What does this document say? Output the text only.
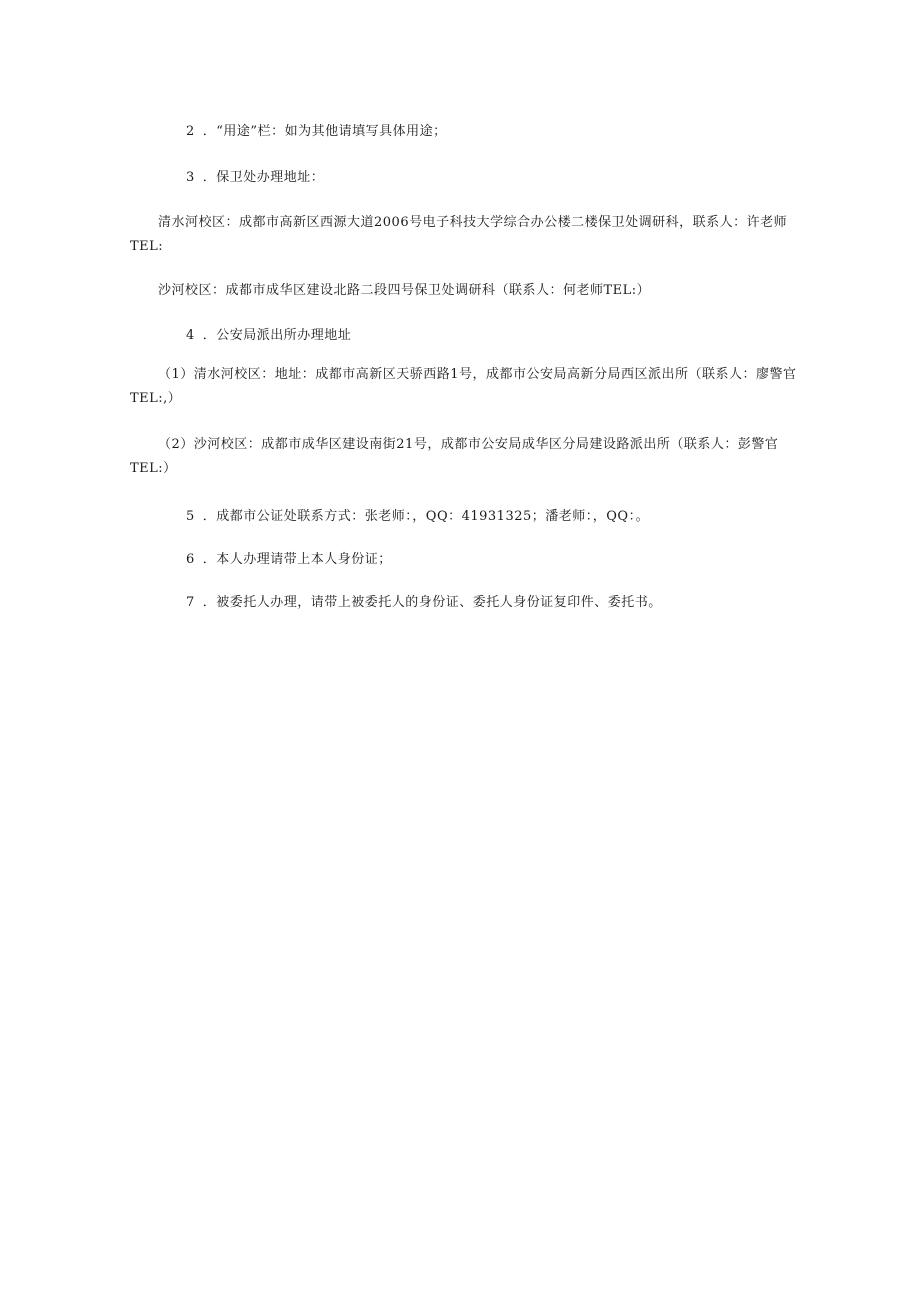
2 ．“用途”栏：如为其他请填写具体用途；
3 ．保卫处办理地址：
清水河校区：成都市高新区西源大道2006号电子科技大学综合办公楼二楼保卫处调研科，联系人：许老师TEL:
沙河校区：成都市成华区建设北路二段四号保卫处调研科（联系人：何老师TEL:）
4 ．公安局派出所办理地址
（1）清水河校区：地址：成都市高新区天骄西路1号，成都市公安局高新分局西区派出所（联系人：廖警官TEL:,）
（2）沙河校区：成都市成华区建设南街21号，成都市公安局成华区分局建设路派出所（联系人：彭警官TEL:）
5 ．成都市公证处联系方式：张老师：，QQ：41931325；潘老师：，QQ：。
6 ．本人办理请带上本人身份证；
7 ．被委托人办理，请带上被委托人的身份证、委托人身份证复印件、委托书。
